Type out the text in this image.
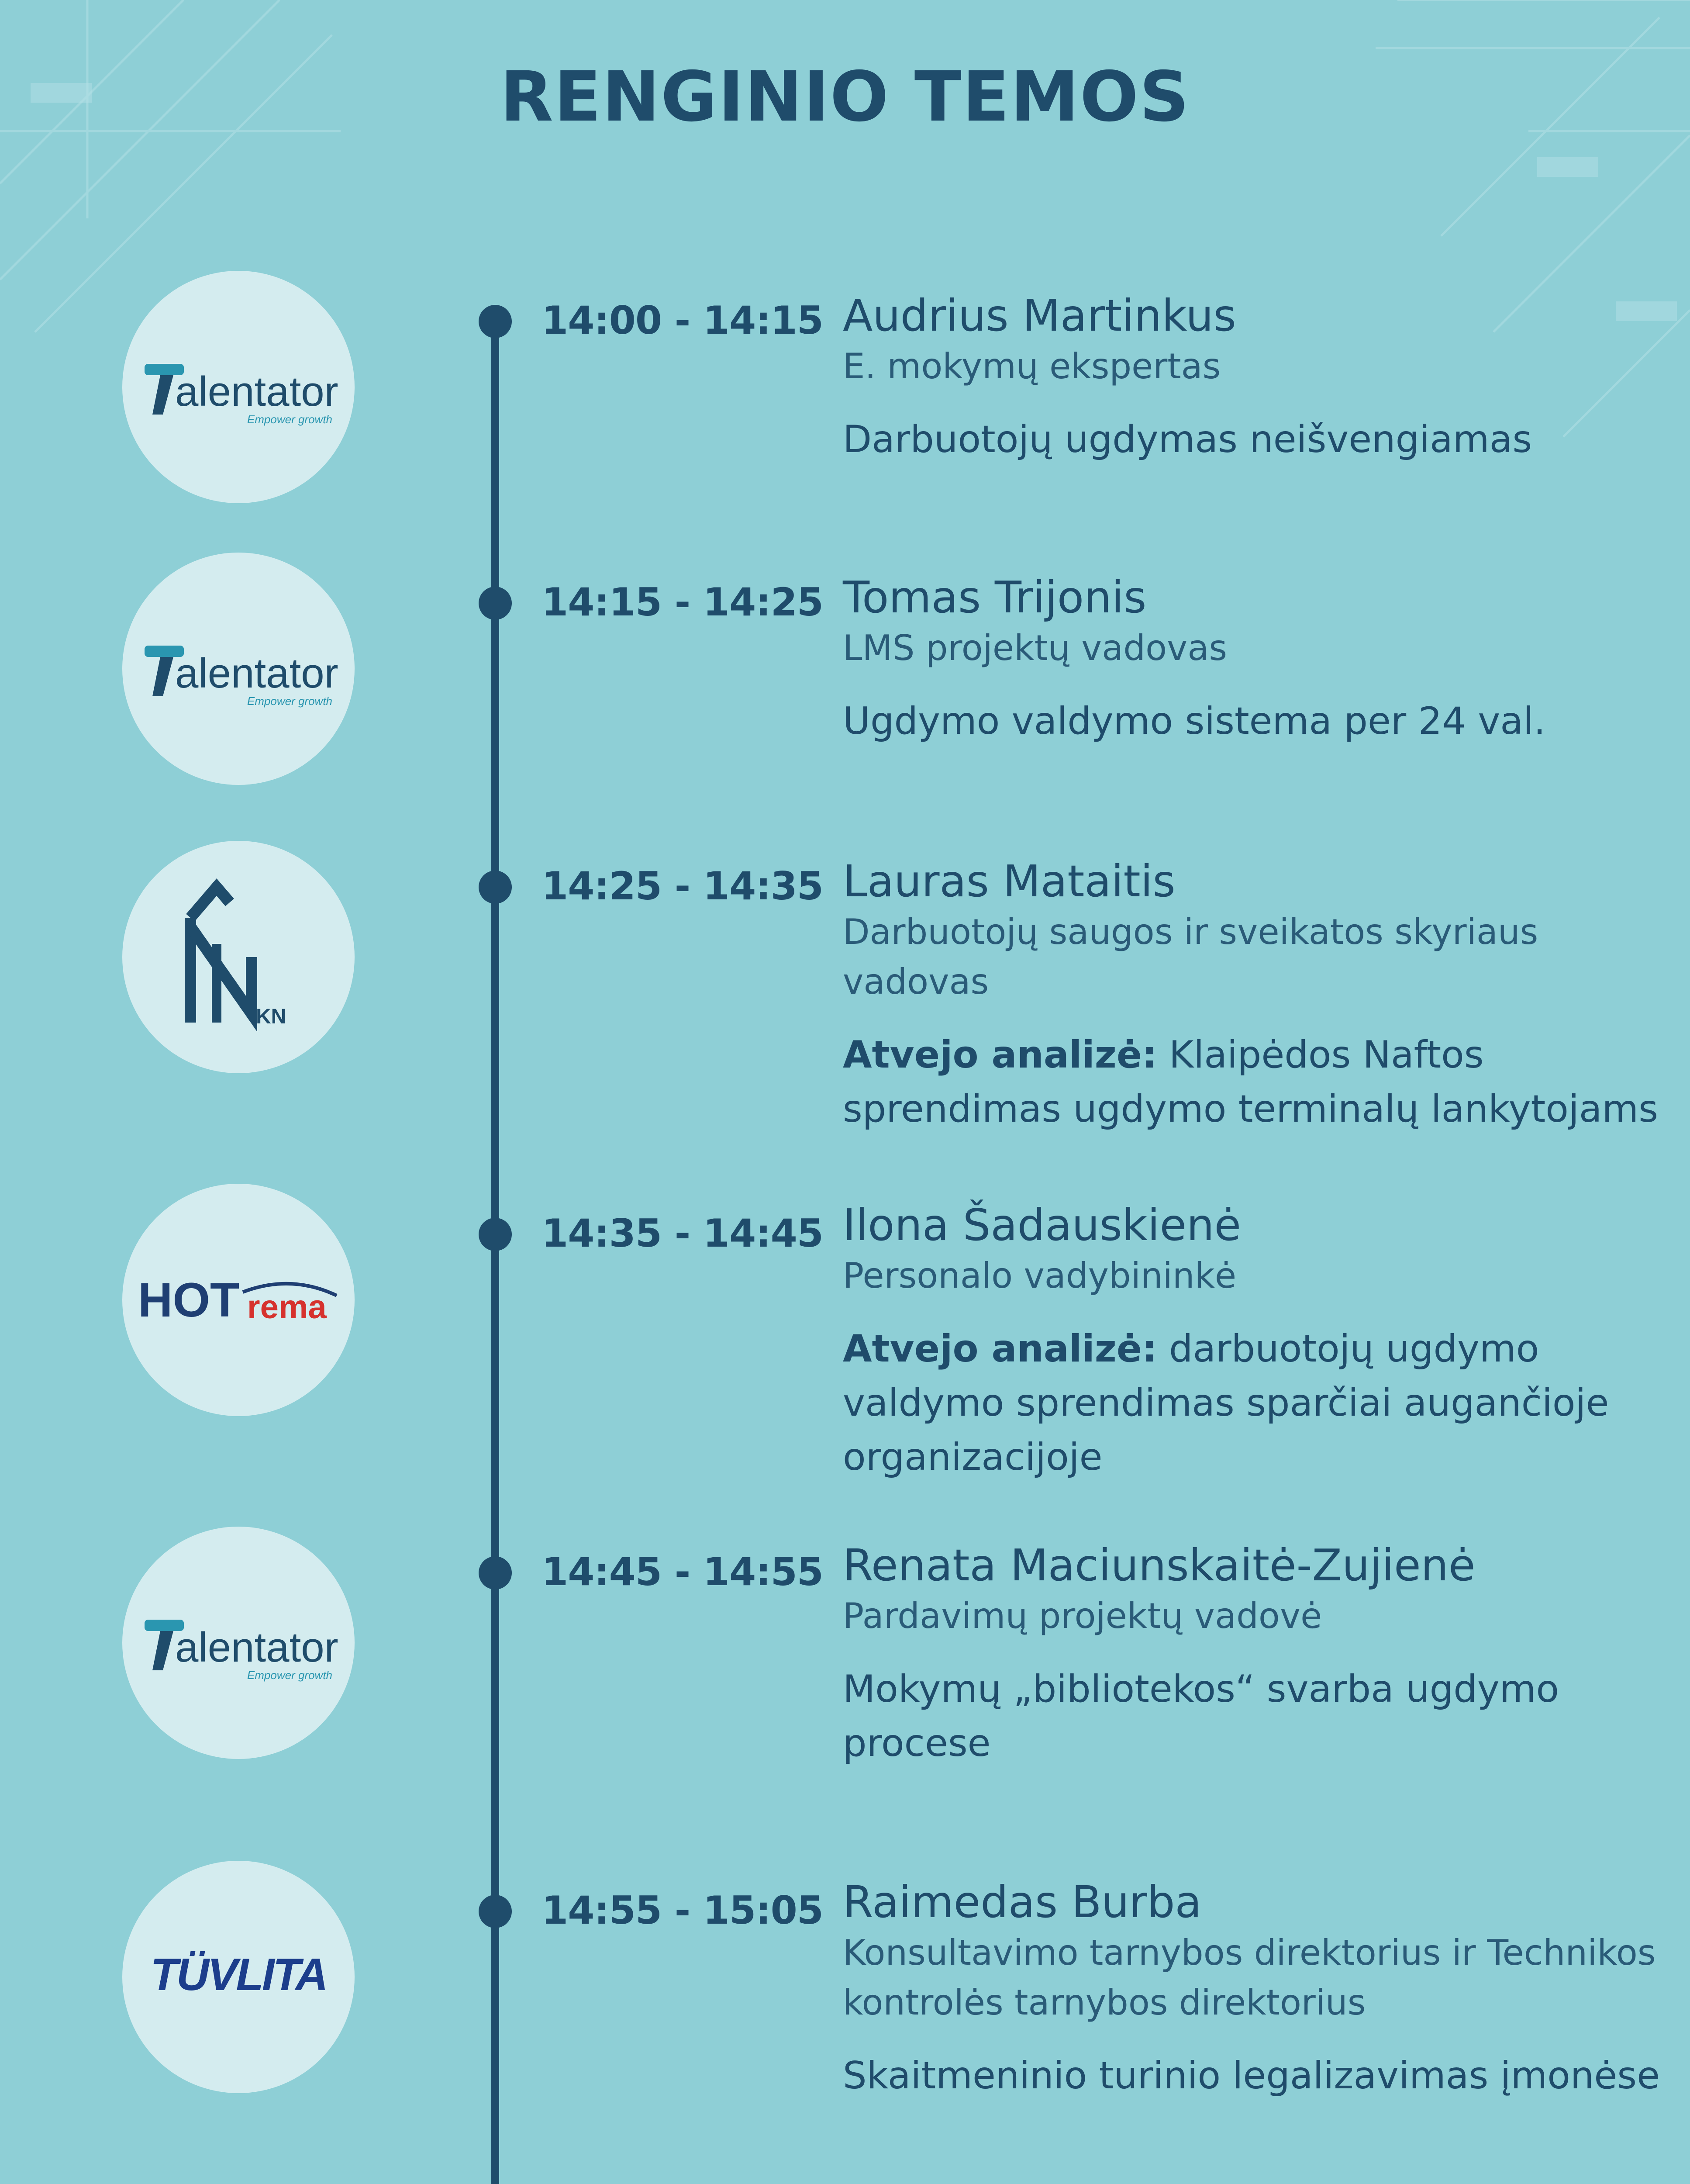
RENGINIO TEMOS
alentator
Empower growth
14:00 - 14:15 Audrius Martinkus
E. mokymų ekspertas
Darbuotojų ugdymas neišvengiamas
alentator
Empower growth
14:15 - 14:25 Tomas Trijonis
LMS projektų vadovas
Ugdymo valdymo sistema per 24 val.
KN
14:25 - 14:35 Lauras Mataitis
Darbuotojų saugos ir sveikatos skyriaus vadovas
Atvejo analizė: Klaipėdos Naftos sprendimas ugdymo terminalų lankytojams
HOT rema
14:35 - 14:45 Ilona Šadauskienė
Personalo vadybininkė
Atvejo analizė: darbuotojų ugdymo valdymo sprendimas sparčiai augančioje organizacijoje
alentator
Empower growth
14:45 - 14:55 Renata Maciunskaitė-Zujienė
Pardavimų projektų vadovė
Mokymų „bibliotekos“ svarba ugdymo procese
TÜVLITA
14:55 - 15:05 Raimedas Burba
Konsultavimo tarnybos direktorius ir Technikos kontrolės tarnybos direktorius
Skaitmeninio turinio legalizavimas įmonėse
